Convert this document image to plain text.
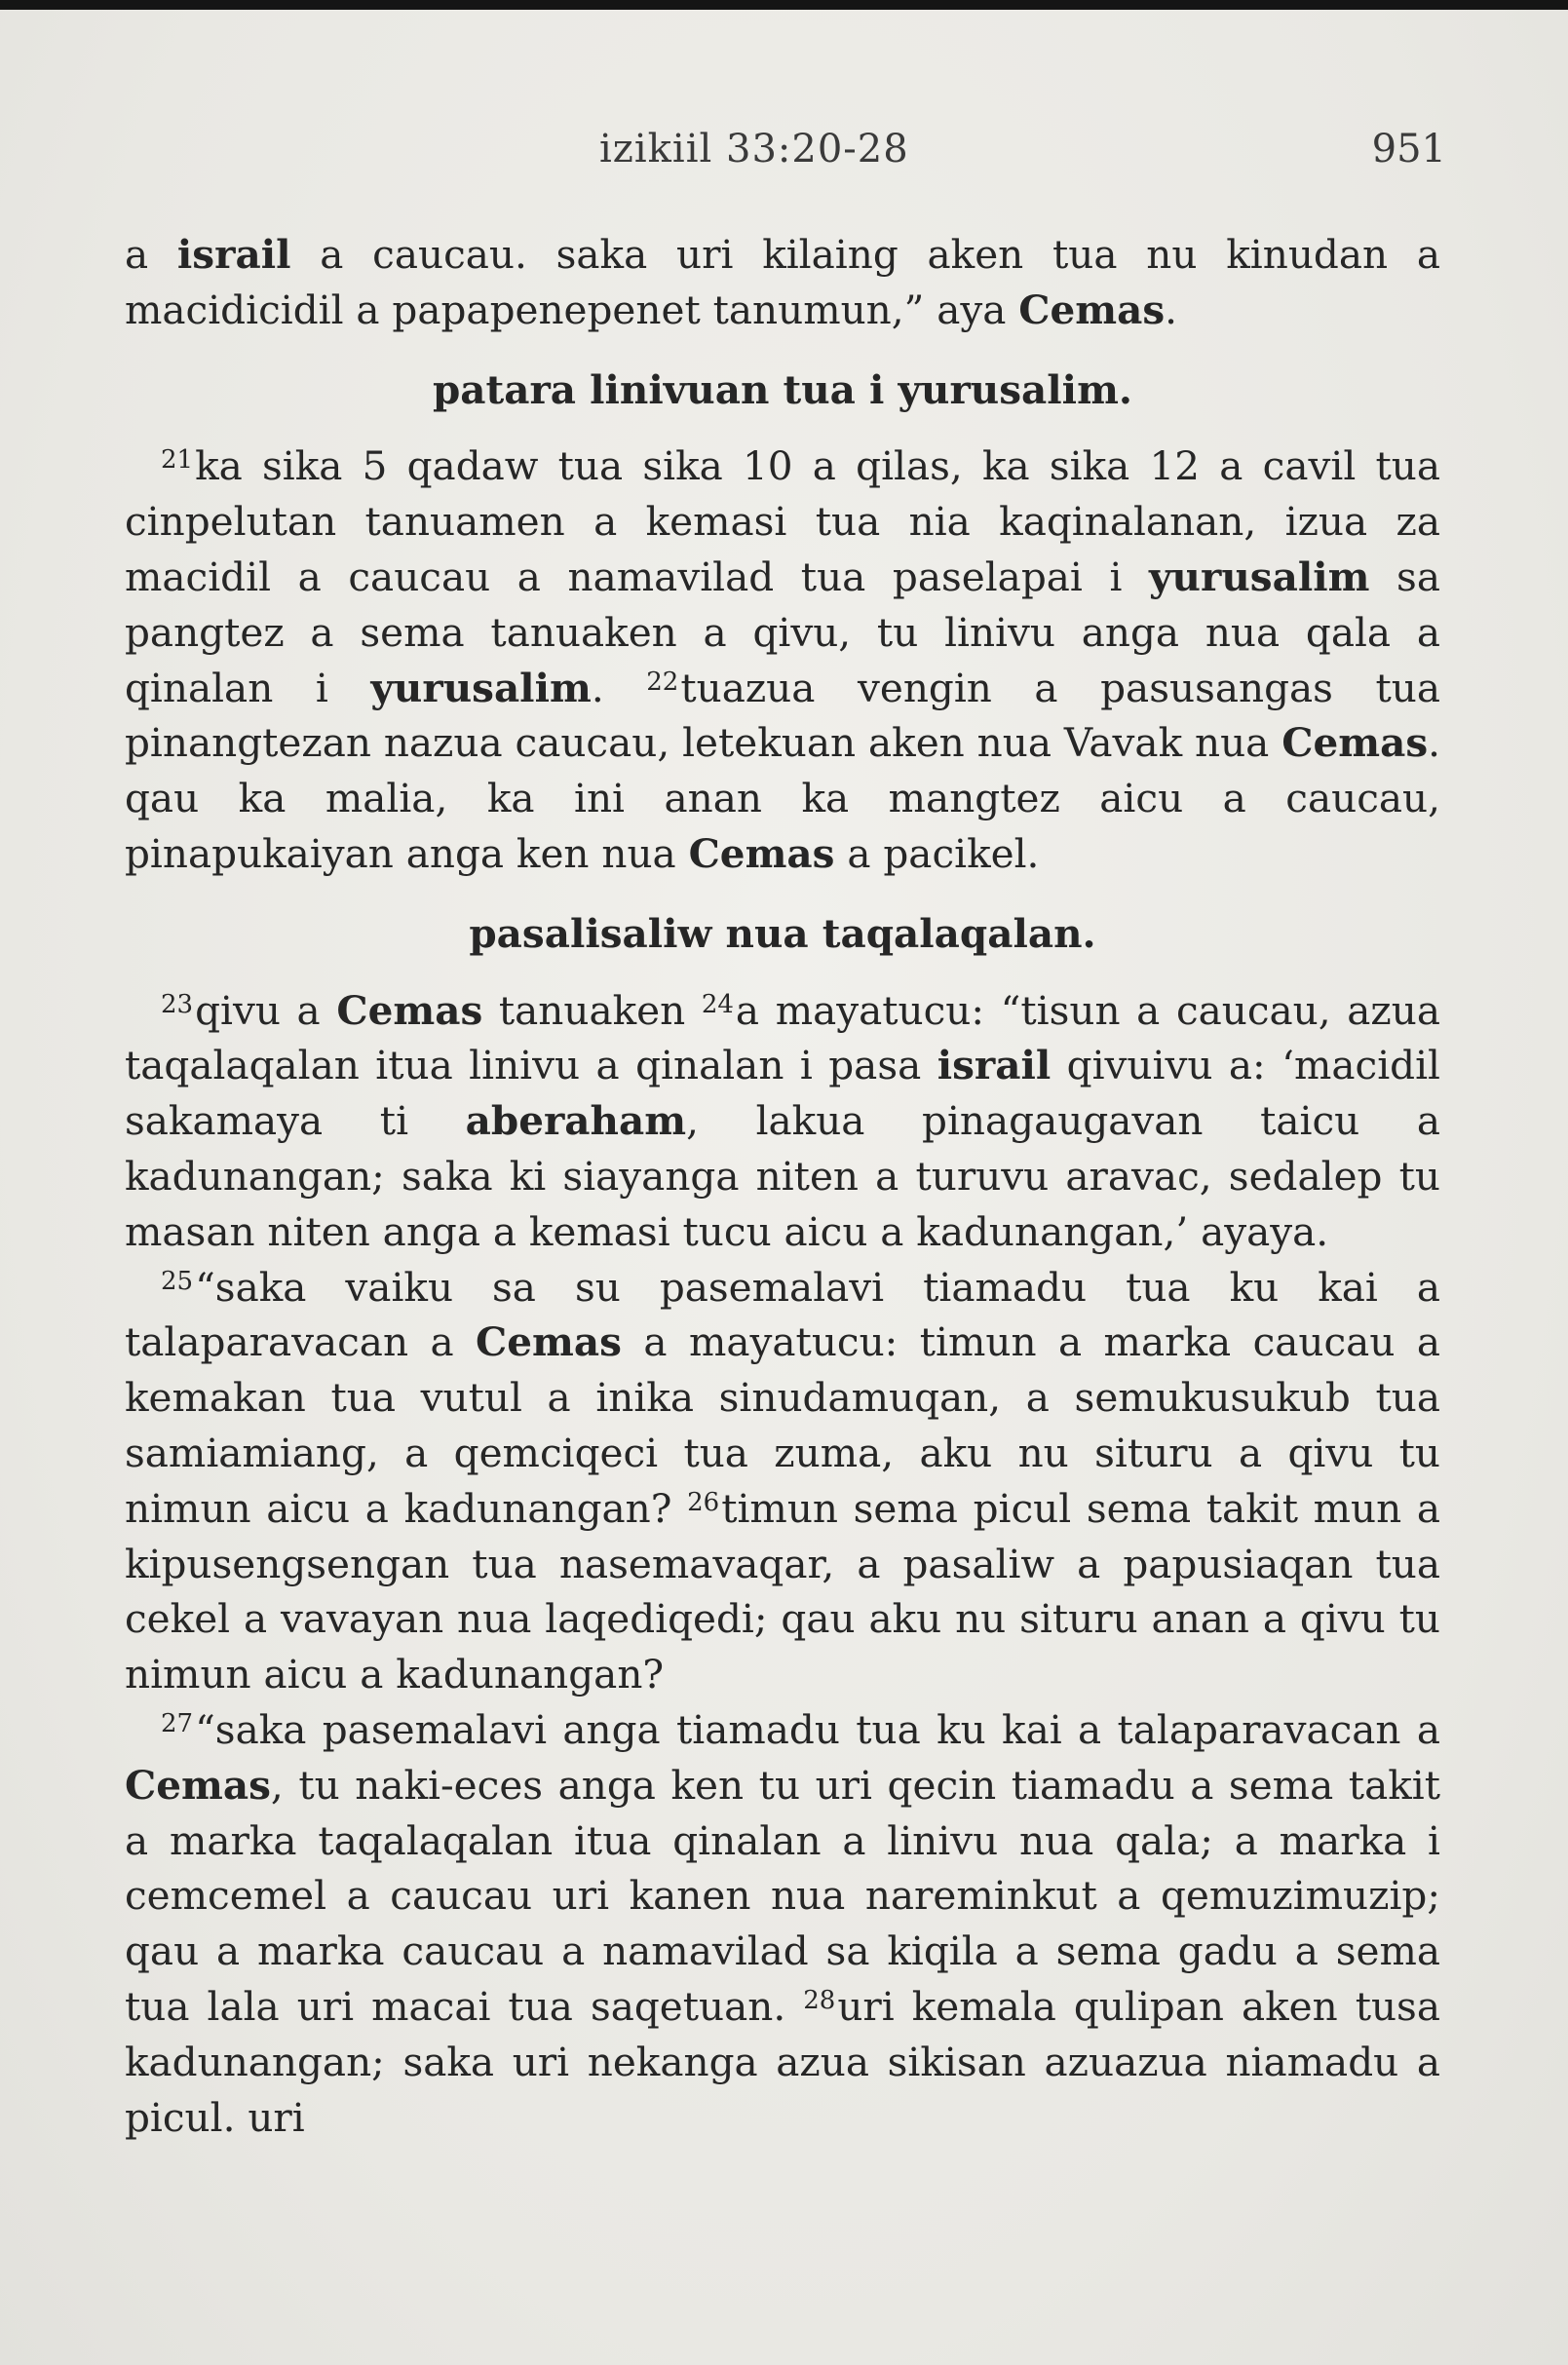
izikiil 33:20-28	951

a israil a caucau. saka uri kilaing aken tua nu kinudan a macidicidil a papapenepenet tanumun,” aya Cemas.

patara linivuan tua i yurusalim.

$^{21}$ka sika 5 qadaw tua sika 10 a qilas, ka sika 12 a cavil tua cinpelutan tanuamen a kemasi tua nia kaqinalanan, izua za macidil a caucau a namavilad tua paselapai i yurusalim sa pangtez a sema tanuaken a qivu, tu linivu anga nua qala a qinalan i yurusalim. $^{22}$tuazua vengin a pasusangas tua pinangtezan nazua caucau, letekuan aken nua Vavak nua Cemas. qau ka malia, ka ini anan ka mangtez aicu a caucau, pinapukaiyan anga ken nua Cemas a pacikel.

pasalisaliw nua taqalaqalan.

$^{23}$qivu a Cemas tanuaken $^{24}$a mayatucu: “tisun a caucau, azua taqalaqalan itua linivu a qinalan i pasa israil qivuivu a: ‘macidil sakamaya ti aberaham, lakua pinagaugavan taicu a kadunangan; saka ki siayanga niten a turuvu aravac, sedalep tu masan niten anga a kemasi tucu aicu a kadunangan,’ ayaya.

$^{25}$“saka vaiku sa su pasemalavi tiamadu tua ku kai a talaparavacan a Cemas a mayatucu: timun a marka caucau a kemakan tua vutul a inika sinudamuqan, a semukusukub tua samiamiang, a qemciqeci tua zuma, aku nu situru a qivu tu nimun aicu a kadunangan? $^{26}$timun sema picul sema takit mun a kipusengsengan tua nasemavaqar, a pasaliw a papusiaqan tua cekel a vavayan nua laqediqedi; qau aku nu situru anan a qivu tu nimun aicu a kadunangan?

$^{27}$“saka pasemalavi anga tiamadu tua ku kai a talaparavacan a Cemas, tu naki-eces anga ken tu uri qecin tiamadu a sema takit a marka taqalaqalan itua qinalan a linivu nua qala; a marka i cemcemel a caucau uri kanen nua nareminkut a qemuzimuzip; qau a marka caucau a namavilad sa kiqila a sema gadu a sema tua lala uri macai tua saqetuan. $^{28}$uri kemala qulipan aken tusa kadunangan; saka uri nekanga azua sikisan azuazua niamadu a picul. uri
